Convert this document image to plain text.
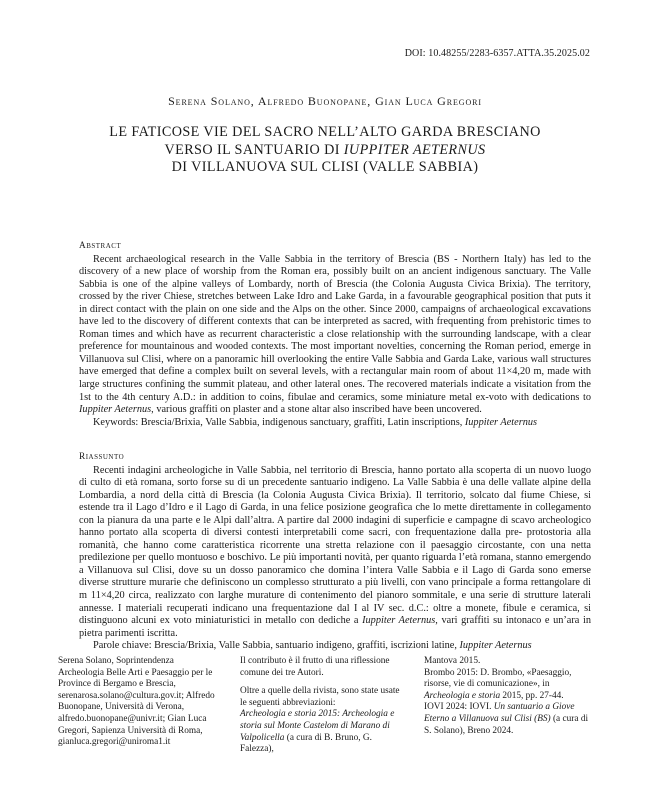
DOI: 10.48255/2283-6357.ATTA.35.2025.02
Serena Solano, Alfredo Buonopane, Gian Luca Gregori
LE FATICOSE VIE DEL SACRO NELL’ALTO GARDA BRESCIANO
VERSO IL SANTUARIO DI IUPPITER AETERNUS
DI VILLANUOVA SUL CLISI (VALLE SABBIA)
Abstract

Recent archaeological research in the Valle Sabbia in the territory of Brescia (BS - Northern Italy) has led to the discovery of a new place of worship from the Roman era, possibly built on an ancient indigenous sanctuary. The Valle Sabbia is one of the alpine valleys of Lombardy, north of Brescia (the Colonia Augusta Civica Brixia). The territory, crossed by the river Chiese, stretches between Lake Idro and Lake Garda, in a favourable geographical position that puts it in direct contact with the plain on one side and the Alps on the other. Since 2000, campaigns of archaeological excavations have led to the discovery of different contexts that can be interpreted as sacred, with frequenting from prehistoric times to Roman times and which have as recurrent characteristic a close relationship with the surrounding landscape, with a clear preference for mountainous and wooded contexts. The most important novelties, concerning the Roman period, emerge in Villanuova sul Clisi, where on a panoramic hill overlooking the entire Valle Sabbia and Garda Lake, various wall structures have emerged that define a complex built on several levels, with a rectangular main room of about 11×4,20 m, made with large structures confining the summit plateau, and other lateral ones. The recovered materials indicate a visitation from the 1st to the 4th century A.D.: in addition to coins, fibulae and ceramics, some miniature metal ex-voto with dedications to Iuppiter Aeternus, various graffiti on plaster and a stone altar also inscribed have been uncovered.

Keywords: Brescia/Brixia, Valle Sabbia, indigenous sanctuary, graffiti, Latin inscriptions, Iuppiter Aeternus

Riassunto

Recenti indagini archeologiche in Valle Sabbia, nel territorio di Brescia, hanno portato alla scoperta di un nuovo luogo di culto di età romana, sorto forse su di un precedente santuario indigeno. La Valle Sabbia è una delle vallate alpine della Lombardia, a nord della città di Brescia (la Colonia Augusta Civica Brixia). Il territorio, solcato dal fiume Chiese, si estende tra il Lago d’Idro e il Lago di Garda, in una felice posizione geografica che lo mette direttamente in collegamento con la pianura da una parte e le Alpi dall’altra. A partire dal 2000 indagini di superficie e campagne di scavo archeologico hanno portato alla scoperta di diversi contesti interpretabili come sacri, con frequentazione dalla pre- protostoria alla romanità, che hanno come caratteristica ricorrente una stretta relazione con il paesaggio circostante, con una netta predilezione per quello montuoso e boschivo. Le più importanti novità, per quanto riguarda l’età romana, stanno emergendo a Villanuova sul Clisi, dove su un dosso panoramico che domina l’intera Valle Sabbia e il Lago di Garda sono emerse diverse strutture murarie che definiscono un complesso strutturato a più livelli, con vano principale a forma rettangolare di m 11×4,20 circa, realizzato con larghe murature di contenimento del pianoro sommitale, e una serie di strutture laterali annesse. I materiali recuperati indicano una frequentazione dal I al IV sec. d.C.: oltre a monete, fibule e ceramica, si distinguono alcuni ex voto miniaturistici in metallo con dediche a Iuppiter Aeternus, vari graffiti su intonaco e un’ara in pietra parimenti iscritta.

Parole chiave: Brescia/Brixia, Valle Sabbia, santuario indigeno, graffiti, iscrizioni latine, Iuppiter Aeternus

Serena Solano, Soprintendenza Archeologia Belle Arti e Paesaggio per le Province di Bergamo e Brescia, serenarosa.solano@cultura.gov.it; Alfredo Buonopane, Università di Verona, alfredo.buonopane@univr.it; Gian Luca Gregori, Sapienza Università di Roma, gianluca.gregori@uniroma1.it

Il contributo è il frutto di una riflessione comune dei tre Autori.

Oltre a quelle della rivista, sono state usate le seguenti abbreviazioni:

Archeologia e storia 2015: Archeologia e storia sul Monte Castelom di Marano di Valpolicella (a cura di B. Bruno, G. Falezza),

Mantova 2015.

Brombo 2015: D. Brombo, «Paesaggio, risorse, vie di comunicazione», in Archeologia e storia 2015, pp. 27-44.

IOVI 2024: IOVI. Un santuario a Giove Eterno a Villanuova sul Clisi (BS) (a cura di S. Solano), Breno 2024.
